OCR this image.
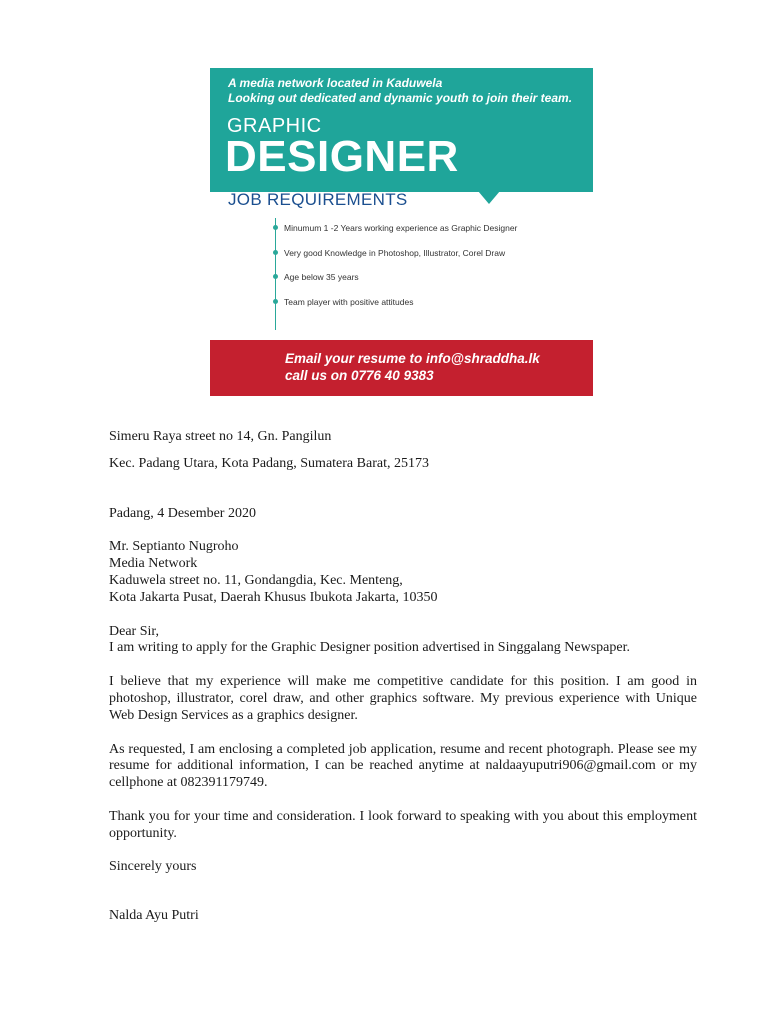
A media network located in Kaduwela
Looking out dedicated and dynamic youth to join their team.
GRAPHIC
DESIGNER
JOB REQUIREMENTS
Minumum 1 -2 Years working experience as Graphic Designer
Very good Knowledge in Photoshop, Illustrator, Corel Draw
Age below 35 years
Team player with positive attitudes
Email your resume to info@shraddha.lk
call us on 0776 40 9383

Simeru Raya street no 14, Gn. Pangilun

Kec. Padang Utara, Kota Padang, Sumatera Barat, 25173

Padang, 4 Desember 2020

Mr. Septianto Nugroho

Media Network

Kaduwela street no. 11, Gondangdia, Kec. Menteng,

Kota Jakarta Pusat, Daerah Khusus Ibukota Jakarta, 10350

Dear Sir,

I am writing to apply for the Graphic Designer position advertised in Singgalang Newspaper.

I believe that my experience will make me competitive candidate for this position. I am good in photoshop, illustrator, corel draw, and other graphics software. My previous experience with Unique Web Design Services as a graphics designer.

As requested, I am enclosing a completed job application, resume and recent photograph. Please see my resume for additional information, I can be reached anytime at naldaayuputri906@gmail.com or my cellphone at 082391179749.

Thank you for your time and consideration. I look forward to speaking with you about this employment opportunity.

Sincerely yours

Nalda Ayu Putri
